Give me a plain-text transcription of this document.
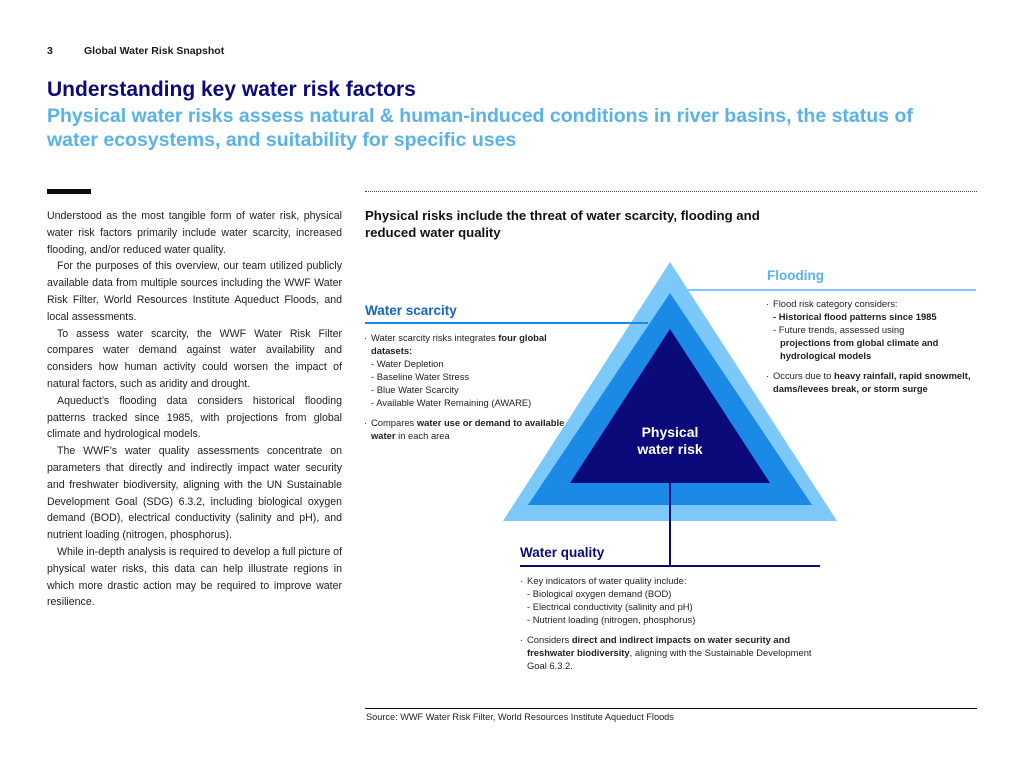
3	Global Water Risk Snapshot
Understanding key water risk factors
Physical water risks assess natural & human-induced conditions in river basins, the status of water ecosystems, and suitability for specific uses

Understood as the most tangible form of water risk, physical water risk factors primarily include water scarcity, increased flooding, and/or reduced water quality.

For the purposes of this overview, our team utilized publicly available data from multiple sources including the WWF Water Risk Filter, World Resources Institute Aqueduct Floods, and local assessments.

To assess water scarcity, the WWF Water Risk Filter compares water demand against water availability and considers how human activity could worsen the impact of natural factors, such as aridity and drought.

Aqueduct’s flooding data considers historical flooding patterns tracked since 1985, with projections from global climate and hydrological models.

The WWF’s water quality assessments concentrate on parameters that directly and indirectly impact water security and freshwater biodiversity, aligning with the UN Sustainable Development Goal (SDG) 6.3.2, including biological oxygen demand (BOD), electrical conductivity (salinity and pH), and nutrient loading (nitrogen, phosphorus).

While in-depth analysis is required to develop a full picture of physical water risks, this data can help illustrate regions in which more drastic action may be required to improve water resilience.

Physical risks include the threat of water scarcity, flooding and reduced water quality
Physical
water risk
Flooding
· Flood risk category considers:
- Historical flood patterns since 1985
- Future trends, assessed using
projections from global climate and hydrological models
· Occurs due to heavy rainfall, rapid snowmelt, dams/levees break, or storm surge
Water scarcity
· Water scarcity risks integrates four global datasets:
- Water Depletion
- Baseline Water Stress
- Blue Water Scarcity
- Available Water Remaining (AWARE)
· Compares water use or demand to available water in each area
Water quality
· Key indicators of water quality include:
- Biological oxygen demand (BOD)
- Electrical conductivity (salinity and pH)
- Nutrient loading (nitrogen, phosphorus)
· Considers direct and indirect impacts on water security and freshwater biodiversity, aligning with the Sustainable Development Goal 6.3.2.
Source: WWF Water Risk Filter, World Resources Institute Aqueduct Floods
